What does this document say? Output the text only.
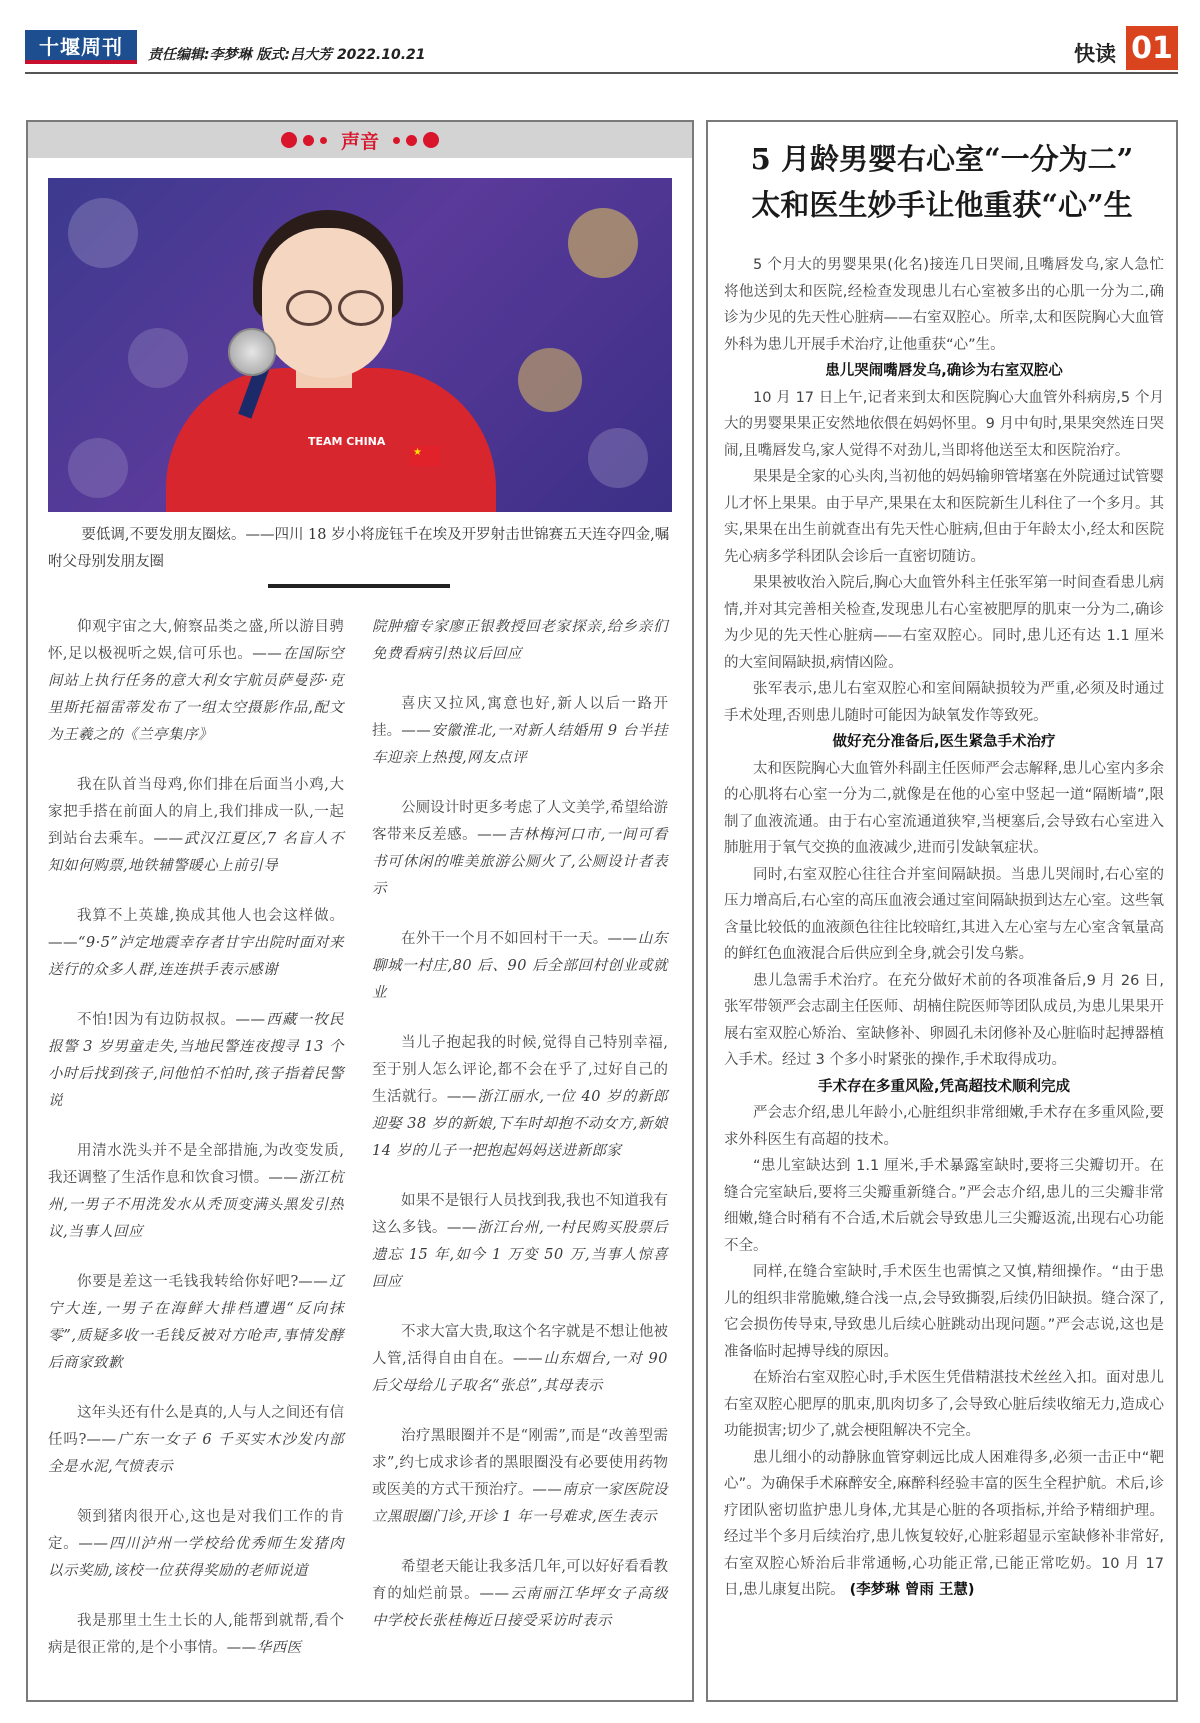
十堰周刊 责任编辑:李梦琳 版式:吕大芳 2022.10.21	快读 01
声音
TEAM CHINA
★
要低调,不要发朋友圈炫。——四川 18 岁小将庞钰千在埃及开罗射击世锦赛五天连夺四金,嘱咐父母别发朋友圈

仰观宇宙之大,俯察品类之盛,所以游目骋怀,足以极视听之娱,信可乐也。——在国际空间站上执行任务的意大利女宇航员萨曼莎·克里斯托福雷蒂发布了一组太空摄影作品,配文为王羲之的《兰亭集序》

我在队首当母鸡,你们排在后面当小鸡,大家把手搭在前面人的肩上,我们排成一队,一起到站台去乘车。——武汉江夏区,7 名盲人不知如何购票,地铁辅警暖心上前引导

我算不上英雄,换成其他人也会这样做。——“9·5”泸定地震幸存者甘宇出院时面对来送行的众多人群,连连拱手表示感谢

不怕!因为有边防叔叔。——西藏一牧民报警 3 岁男童走失,当地民警连夜搜寻 13 个小时后找到孩子,问他怕不怕时,孩子指着民警说

用清水洗头并不是全部措施,为改变发质,我还调整了生活作息和饮食习惯。——浙江杭州,一男子不用洗发水从秃顶变满头黑发引热议,当事人回应

你要是差这一毛钱我转给你好吧?——辽宁大连,一男子在海鲜大排档遭遇“反向抹零”,质疑多收一毛钱反被对方呛声,事情发酵后商家致歉

这年头还有什么是真的,人与人之间还有信任吗?——广东一女子 6 千买实木沙发内部全是水泥,气愤表示

领到猪肉很开心,这也是对我们工作的肯定。——四川泸州一学校给优秀师生发猪肉以示奖励,该校一位获得奖励的老师说道

我是那里土生土长的人,能帮到就帮,看个病是很正常的,是个小事情。——华西医

院肿瘤专家廖正银教授回老家探亲,给乡亲们免费看病引热议后回应

喜庆又拉风,寓意也好,新人以后一路开挂。——安徽淮北,一对新人结婚用 9 台半挂车迎亲上热搜,网友点评

公厕设计时更多考虑了人文美学,希望给游客带来反差感。——吉林梅河口市,一间可看书可休闲的唯美旅游公厕火了,公厕设计者表示

在外干一个月不如回村干一天。——山东聊城一村庄,80 后、90 后全部回村创业或就业

当儿子抱起我的时候,觉得自己特别幸福,至于别人怎么评论,都不会在乎了,过好自己的生活就行。——浙江丽水,一位 40 岁的新郎迎娶 38 岁的新娘,下车时却抱不动女方,新娘 14 岁的儿子一把抱起妈妈送进新郎家

如果不是银行人员找到我,我也不知道我有这么多钱。——浙江台州,一村民购买股票后遗忘 15 年,如今 1 万变 50 万,当事人惊喜回应

不求大富大贵,取这个名字就是不想让他被人管,活得自由自在。——山东烟台,一对 90 后父母给儿子取名“张总”,其母表示

治疗黑眼圈并不是“刚需”,而是“改善型需求”,约七成求诊者的黑眼圈没有必要使用药物或医美的方式干预治疗。——南京一家医院设立黑眼圈门诊,开诊 1 年一号难求,医生表示

希望老天能让我多活几年,可以好好看看教育的灿烂前景。——云南丽江华坪女子高级中学校长张桂梅近日接受采访时表示

5 月龄男婴右心室“一分为二”
太和医生妙手让他重获“心”生

5 个月大的男婴果果(化名)接连几日哭闹,且嘴唇发乌,家人急忙将他送到太和医院,经检查发现患儿右心室被多出的心肌一分为二,确诊为少见的先天性心脏病——右室双腔心。所幸,太和医院胸心大血管外科为患儿开展手术治疗,让他重获“心”生。

患儿哭闹嘴唇发乌,确诊为右室双腔心

10 月 17 日上午,记者来到太和医院胸心大血管外科病房,5 个月大的男婴果果正安然地依偎在妈妈怀里。9 月中旬时,果果突然连日哭闹,且嘴唇发乌,家人觉得不对劲儿,当即将他送至太和医院治疗。

果果是全家的心头肉,当初他的妈妈输卵管堵塞在外院通过试管婴儿才怀上果果。由于早产,果果在太和医院新生儿科住了一个多月。其实,果果在出生前就查出有先天性心脏病,但由于年龄太小,经太和医院先心病多学科团队会诊后一直密切随访。

果果被收治入院后,胸心大血管外科主任张军第一时间查看患儿病情,并对其完善相关检查,发现患儿右心室被肥厚的肌束一分为二,确诊为少见的先天性心脏病——右室双腔心。同时,患儿还有达 1.1 厘米的大室间隔缺损,病情凶险。

张军表示,患儿右室双腔心和室间隔缺损较为严重,必须及时通过手术处理,否则患儿随时可能因为缺氧发作等致死。

做好充分准备后,医生紧急手术治疗

太和医院胸心大血管外科副主任医师严会志解释,患儿心室内多余的心肌将右心室一分为二,就像是在他的心室中竖起一道“隔断墙”,限制了血液流通。由于右心室流通道狭窄,当梗塞后,会导致右心室进入肺脏用于氧气交换的血液减少,进而引发缺氧症状。

同时,右室双腔心往往合并室间隔缺损。当患儿哭闹时,右心室的压力增高后,右心室的高压血液会通过室间隔缺损到达左心室。这些氧含量比较低的血液颜色往往比较暗红,其进入左心室与左心室含氧量高的鲜红色血液混合后供应到全身,就会引发乌紫。

患儿急需手术治疗。在充分做好术前的各项准备后,9 月 26 日,张军带领严会志副主任医师、胡楠住院医师等团队成员,为患儿果果开展右室双腔心矫治、室缺修补、卵圆孔未闭修补及心脏临时起搏器植入手术。经过 3 个多小时紧张的操作,手术取得成功。

手术存在多重风险,凭高超技术顺利完成

严会志介绍,患儿年龄小,心脏组织非常细嫩,手术存在多重风险,要求外科医生有高超的技术。

“患儿室缺达到 1.1 厘米,手术暴露室缺时,要将三尖瓣切开。在缝合完室缺后,要将三尖瓣重新缝合。”严会志介绍,患儿的三尖瓣非常细嫩,缝合时稍有不合适,术后就会导致患儿三尖瓣返流,出现右心功能不全。

同样,在缝合室缺时,手术医生也需慎之又慎,精细操作。“由于患儿的组织非常脆嫩,缝合浅一点,会导致撕裂,后续仍旧缺损。缝合深了,它会损伤传导束,导致患儿后续心脏跳动出现问题。”严会志说,这也是准备临时起搏导线的原因。

在矫治右室双腔心时,手术医生凭借精湛技术丝丝入扣。面对患儿右室双腔心肥厚的肌束,肌肉切多了,会导致心脏后续收缩无力,造成心功能损害;切少了,就会梗阻解决不完全。

患儿细小的动静脉血管穿刺远比成人困难得多,必须一击正中“靶心”。为确保手术麻醉安全,麻醉科经验丰富的医生全程护航。术后,诊疗团队密切监护患儿身体,尤其是心脏的各项指标,并给予精细护理。经过半个多月后续治疗,患儿恢复较好,心脏彩超显示室缺修补非常好,右室双腔心矫治后非常通畅,心功能正常,已能正常吃奶。10 月 17 日,患儿康复出院。 (李梦琳 曾雨 王慧)
